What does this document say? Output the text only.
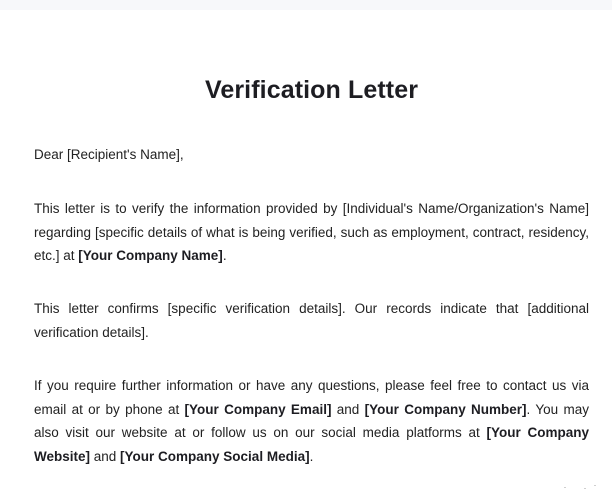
Verification Letter

Dear [Recipient's Name],

This letter is to verify the information provided by [Individual's Name/Organization's Name] regarding [specific details of what is being verified, such as employment, contract, residency, etc.] at [Your Company Name].

This letter confirms [specific verification details]. Our records indicate that [additional verification details].

If you require further information or have any questions, please feel free to contact us via email at or by phone at [Your Company Email] and [Your Company Number]. You may also visit our website at or follow us on our social media platforms at [Your Company Website] and [Your Company Social Media].
